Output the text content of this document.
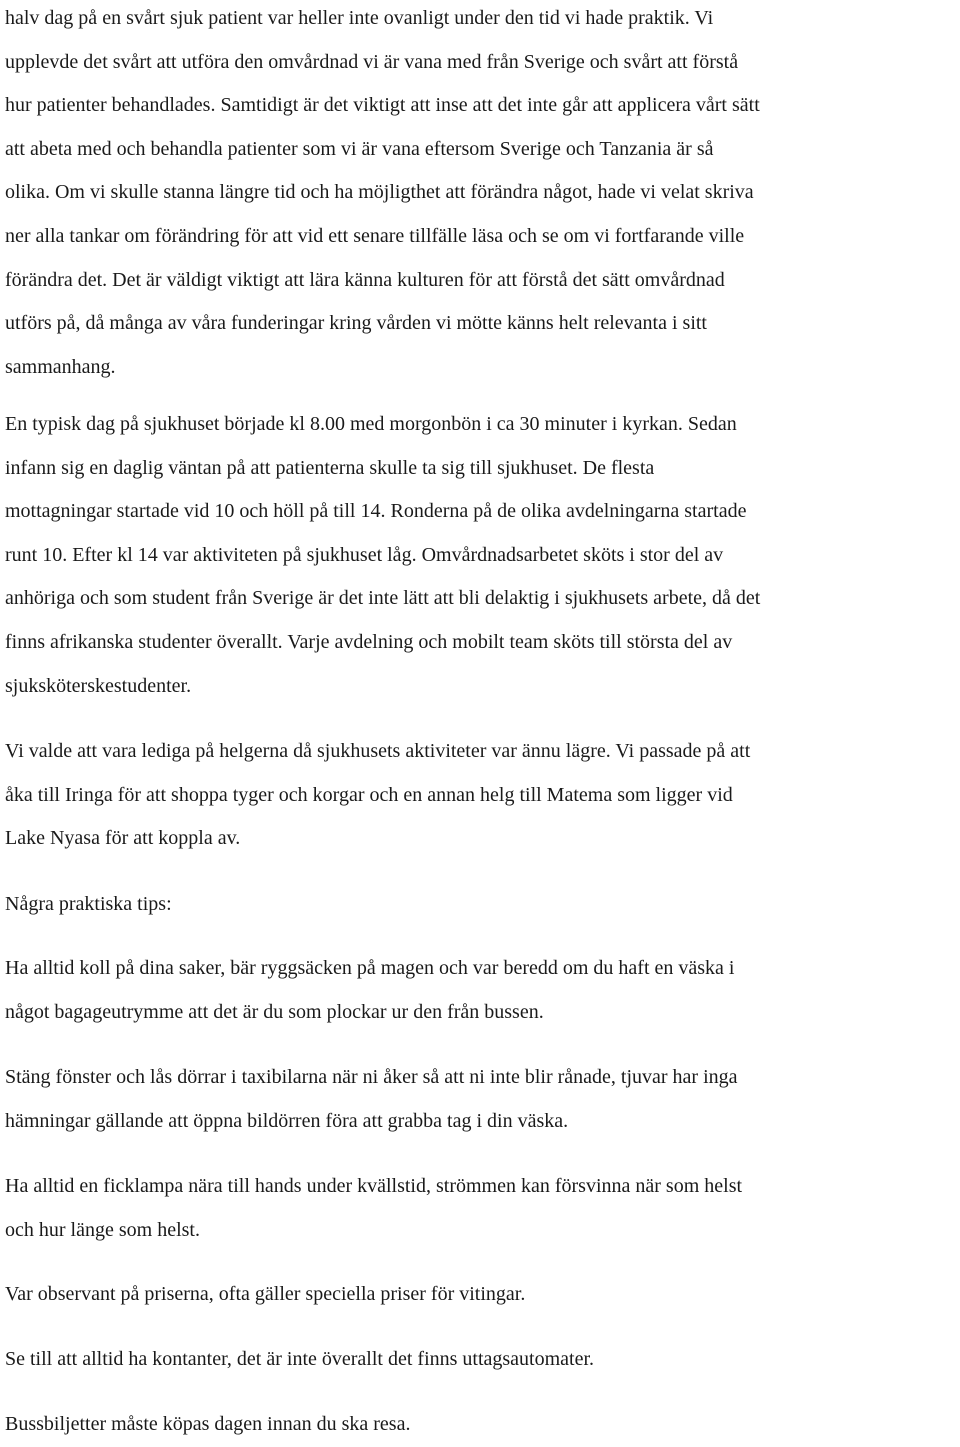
halv dag på en svårt sjuk patient var heller inte ovanligt under den tid vi hade praktik. Vi
upplevde det svårt att utföra den omvårdnad vi är vana med från Sverige och svårt att förstå
hur patienter behandlades. Samtidigt är det viktigt att inse att det inte går att applicera vårt sätt
att abeta med och behandla patienter som vi är vana eftersom Sverige och Tanzania är så
olika. Om vi skulle stanna längre tid och ha möjligthet att förändra något, hade vi velat skriva
ner alla tankar om förändring för att vid ett senare tillfälle läsa och se om vi fortfarande ville
förändra det. Det är väldigt viktigt att lära känna kulturen för att förstå det sätt omvårdnad
utförs på, då många av våra funderingar kring vården vi mötte känns helt relevanta i sitt
sammanhang.
En typisk dag på sjukhuset började kl 8.00 med morgonbön i ca 30 minuter i kyrkan. Sedan
infann sig en daglig väntan på att patienterna skulle ta sig till sjukhuset. De flesta
mottagningar startade vid 10 och höll på till 14. Ronderna på de olika avdelningarna startade
runt 10. Efter kl 14 var aktiviteten på sjukhuset låg. Omvårdnadsarbetet sköts i stor del av
anhöriga och som student från Sverige är det inte lätt att bli delaktig i sjukhusets arbete, då det
finns afrikanska studenter överallt. Varje avdelning och mobilt team sköts till största del av
sjuksköterskestudenter.
Vi valde att vara lediga på helgerna då sjukhusets aktiviteter var ännu lägre. Vi passade på att
åka till Iringa för att shoppa tyger och korgar och en annan helg till Matema som ligger vid
Lake Nyasa för att koppla av.
Några praktiska tips:
Ha alltid koll på dina saker, bär ryggsäcken på magen och var beredd om du haft en väska i
något bagageutrymme att det är du som plockar ur den från bussen.
Stäng fönster och lås dörrar i taxibilarna när ni åker så att ni inte blir rånade, tjuvar har inga
hämningar gällande att öppna bildörren föra att grabba tag i din väska.
Ha alltid en ficklampa nära till hands under kvällstid, strömmen kan försvinna när som helst
och hur länge som helst.
Var observant på priserna, ofta gäller speciella priser för vitingar.
Se till att alltid ha kontanter, det är inte överallt det finns uttagsautomater.
Bussbiljetter måste köpas dagen innan du ska resa.
